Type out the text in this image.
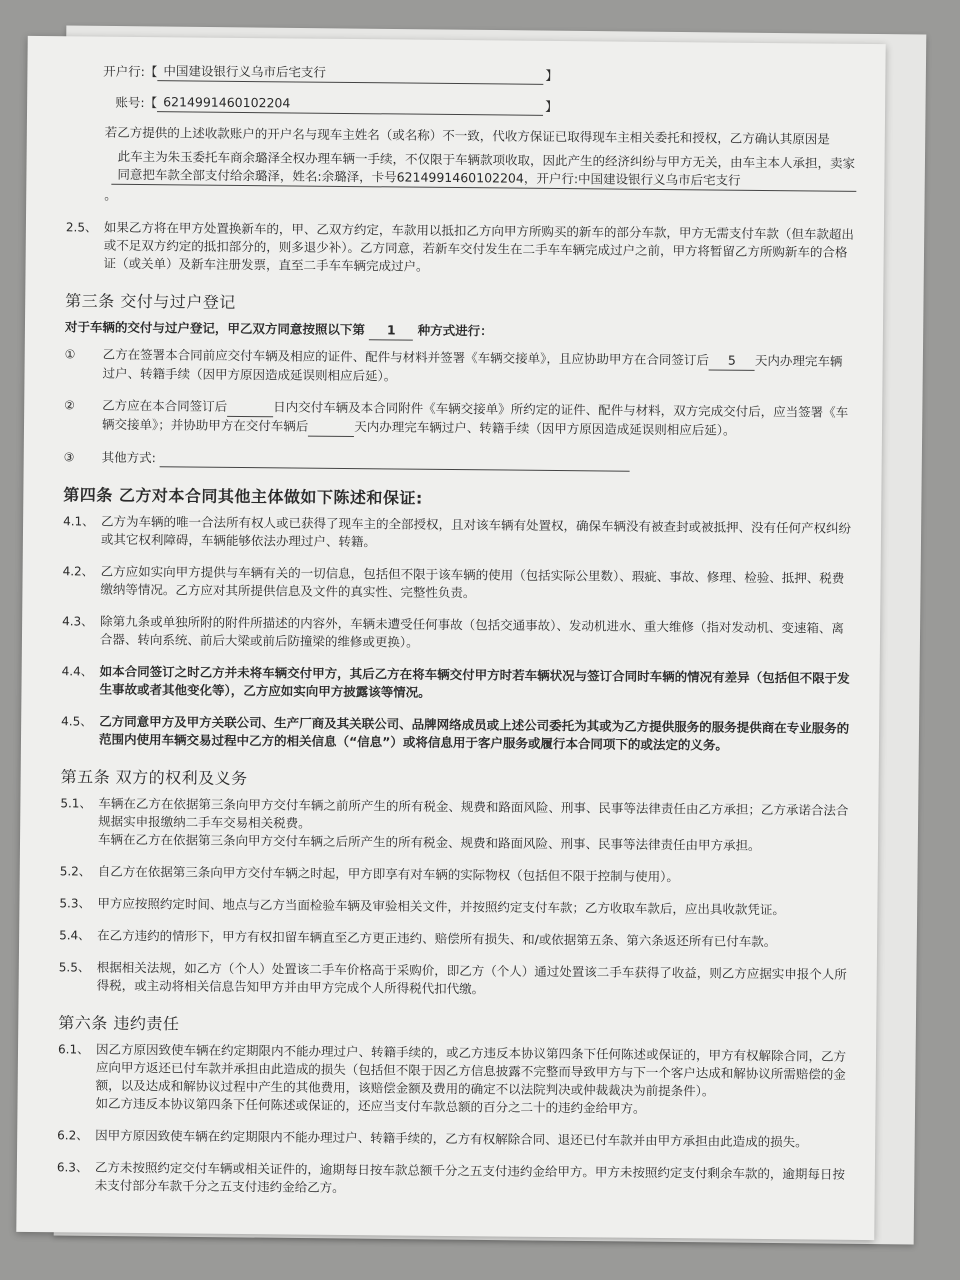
开户行:【 中国建设银行义乌市后宅支行	】
账号:【 6214991460102204	】

若乙方提供的上述收款账户的开户名与现车主姓名（或名称）不一致，代收方保证已取得现车主相关委托和授权，乙方确认其原因是

此车主为朱玉委托车商余璐泽全权办理车辆一手续，不仅限于车辆款项收取，因此产生的经济纠纷与甲方无关，由车主本人承担，卖家同意把车款全部支付给余璐泽，姓名:余璐泽，卡号6214991460102204，开户行:中国建设银行义乌市后宅支行
。
2.5、 如果乙方将在甲方处置换新车的，甲、乙双方约定，车款用以抵扣乙方向甲方所购买的新车的部分车款，甲方无需支付车款（但车款超出或不足双方约定的抵扣部分的，则多退少补）。乙方同意，若新车交付发生在二手车车辆完成过户之前，甲方将暂留乙方所购新车的合格证（或关单）及新车注册发票，直至二手车车辆完成过户。
第三条 交付与过户登记
对于车辆的交付与过户登记，甲乙双方同意按照以下第 1 种方式进行：
①	乙方在签署本合同前应交付车辆及相应的证件、配件与材料并签署《车辆交接单》，且应协助甲方在合同签订后 5 天内办理完车辆过户、转籍手续（因甲方原因造成延误则相应后延）。
②	乙方应在本合同签订后	日内交付车辆及本合同附件《车辆交接单》所约定的证件、配件与材料，双方完成交付后，应当签署《车辆交接单》；并协助甲方在交付车辆后	天内办理完车辆过户、转籍手续（因甲方原因造成延误则相应后延）。
③	其他方式:
第四条 乙方对本合同其他主体做如下陈述和保证:
4.1、 乙方为车辆的唯一合法所有权人或已获得了现车主的全部授权，且对该车辆有处置权，确保车辆没有被查封或被抵押、没有任何产权纠纷或其它权利障碍，车辆能够依法办理过户、转籍。
4.2、 乙方应如实向甲方提供与车辆有关的一切信息，包括但不限于该车辆的使用（包括实际公里数）、瑕疵、事故、修理、检验、抵押、税费缴纳等情况。乙方应对其所提供信息及文件的真实性、完整性负责。
4.3、 除第九条或单独所附的附件所描述的内容外，车辆未遭受任何事故（包括交通事故）、发动机进水、重大维修（指对发动机、变速箱、离合器、转向系统、前后大梁或前后防撞梁的维修或更换）。
4.4、 如本合同签订之时乙方并未将车辆交付甲方，其后乙方在将车辆交付甲方时若车辆状况与签订合同时车辆的情况有差异（包括但不限于发生事故或者其他变化等），乙方应如实向甲方披露该等情况。
4.5、 乙方同意甲方及甲方关联公司、生产厂商及其关联公司、品牌网络成员或上述公司委托为其或为乙方提供服务的服务提供商在专业服务的范围内使用车辆交易过程中乙方的相关信息（“信息”）或将信息用于客户服务或履行本合同项下的或法定的义务。
第五条 双方的权利及义务
5.1、 车辆在乙方在依据第三条向甲方交付车辆之前所产生的所有税金、规费和路面风险、刑事、民事等法律责任由乙方承担；乙方承诺合法合规据实申报缴纳二手车交易相关税费。
车辆在乙方在依据第三条向甲方交付车辆之后所产生的所有税金、规费和路面风险、刑事、民事等法律责任由甲方承担。
5.2、 自乙方在依据第三条向甲方交付车辆之时起，甲方即享有对车辆的实际物权（包括但不限于控制与使用）。
5.3、 甲方应按照约定时间、地点与乙方当面检验车辆及审验相关文件，并按照约定支付车款；乙方收取车款后，应出具收款凭证。
5.4、 在乙方违约的情形下，甲方有权扣留车辆直至乙方更正违约、赔偿所有损失、和/或依据第五条、第六条返还所有已付车款。
5.5、 根据相关法规，如乙方（个人）处置该二手车价格高于采购价，即乙方（个人）通过处置该二手车获得了收益，则乙方应据实申报个人所得税，或主动将相关信息告知甲方并由甲方完成个人所得税代扣代缴。
第六条 违约责任
6.1、 因乙方原因致使车辆在约定期限内不能办理过户、转籍手续的，或乙方违反本协议第四条下任何陈述或保证的，甲方有权解除合同，乙方应向甲方返还已付车款并承担由此造成的损失（包括但不限于因乙方信息披露不完整而导致甲方与下一个客户达成和解协议所需赔偿的金额，以及达成和解协议过程中产生的其他费用，该赔偿金额及费用的确定不以法院判决或仲裁裁决为前提条件）。
如乙方违反本协议第四条下任何陈述或保证的，还应当支付车款总额的百分之二十的违约金给甲方。
6.2、 因甲方原因致使车辆在约定期限内不能办理过户、转籍手续的，乙方有权解除合同、退还已付车款并由甲方承担由此造成的损失。
6.3、 乙方未按照约定交付车辆或相关证件的，逾期每日按车款总额千分之五支付违约金给甲方。甲方未按照约定支付剩余车款的，逾期每日按未支付部分车款千分之五支付违约金给乙方。
